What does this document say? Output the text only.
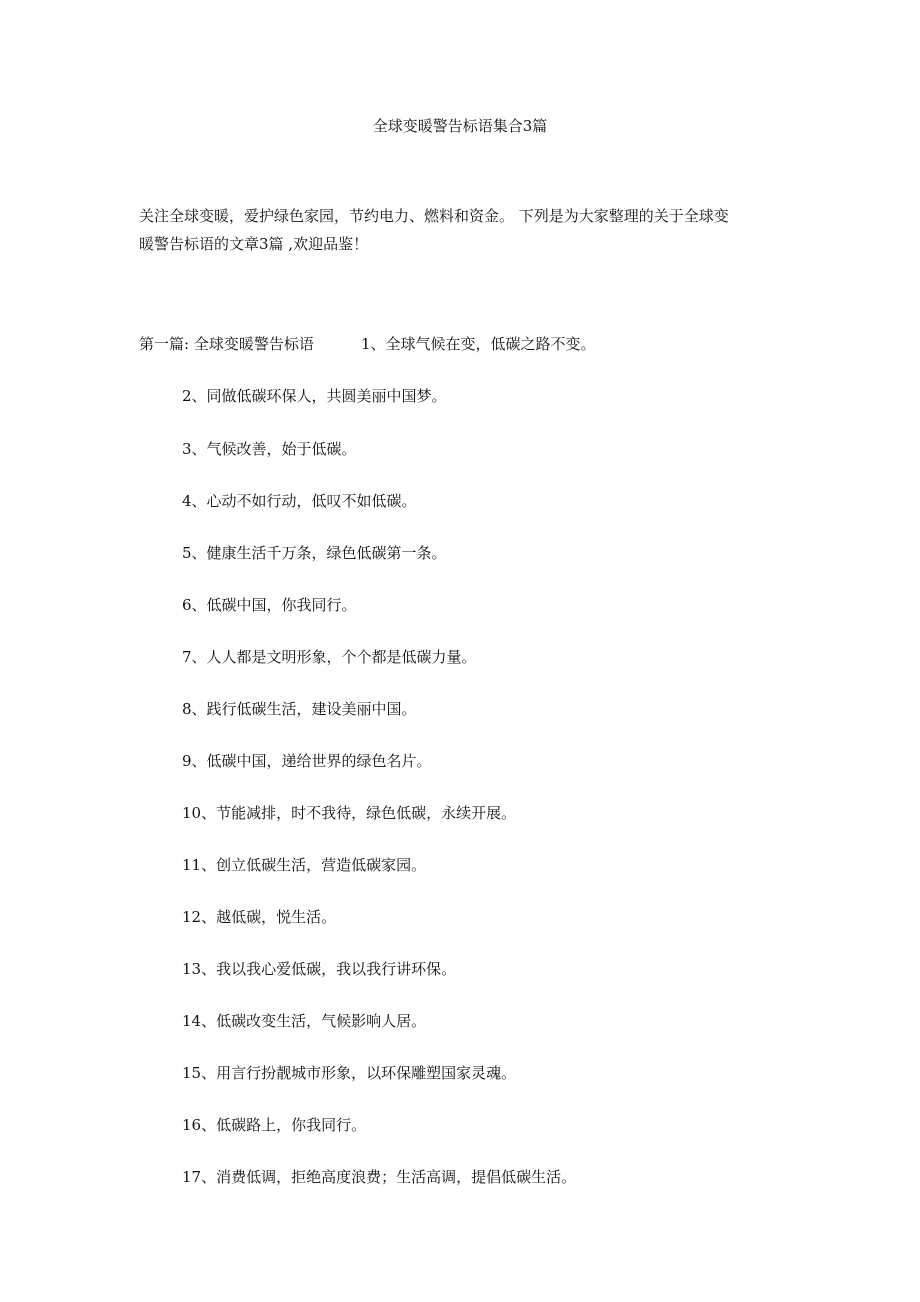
全球变暖警告标语集合3篇

关注全球变暖，爱护绿色家园，节约电力、燃料和资金。 下列是为大家整理的关于全球变

暖警告标语的文章3篇 ,欢迎品鉴！

第一篇: 全球变暖警告标语	1、全球气候在变，低碳之路不变。
2、同做低碳环保人，共圆美丽中国梦。
3、气候改善，始于低碳。
4、心动不如行动，低叹不如低碳。
5、健康生活千万条，绿色低碳第一条。
6、低碳中国，你我同行。
7、人人都是文明形象，个个都是低碳力量。
8、践行低碳生活，建设美丽中国。
9、低碳中国，递给世界的绿色名片。
10、节能减排，时不我待，绿色低碳，永续开展。
11、创立低碳生活，营造低碳家园。
12、越低碳，悦生活。
13、我以我心爱低碳，我以我行讲环保。
14、低碳改变生活，气候影响人居。
15、用言行扮靓城市形象，以环保雕塑国家灵魂。
16、低碳路上，你我同行。
17、消费低调，拒绝高度浪费；生活高调，提倡低碳生活。
